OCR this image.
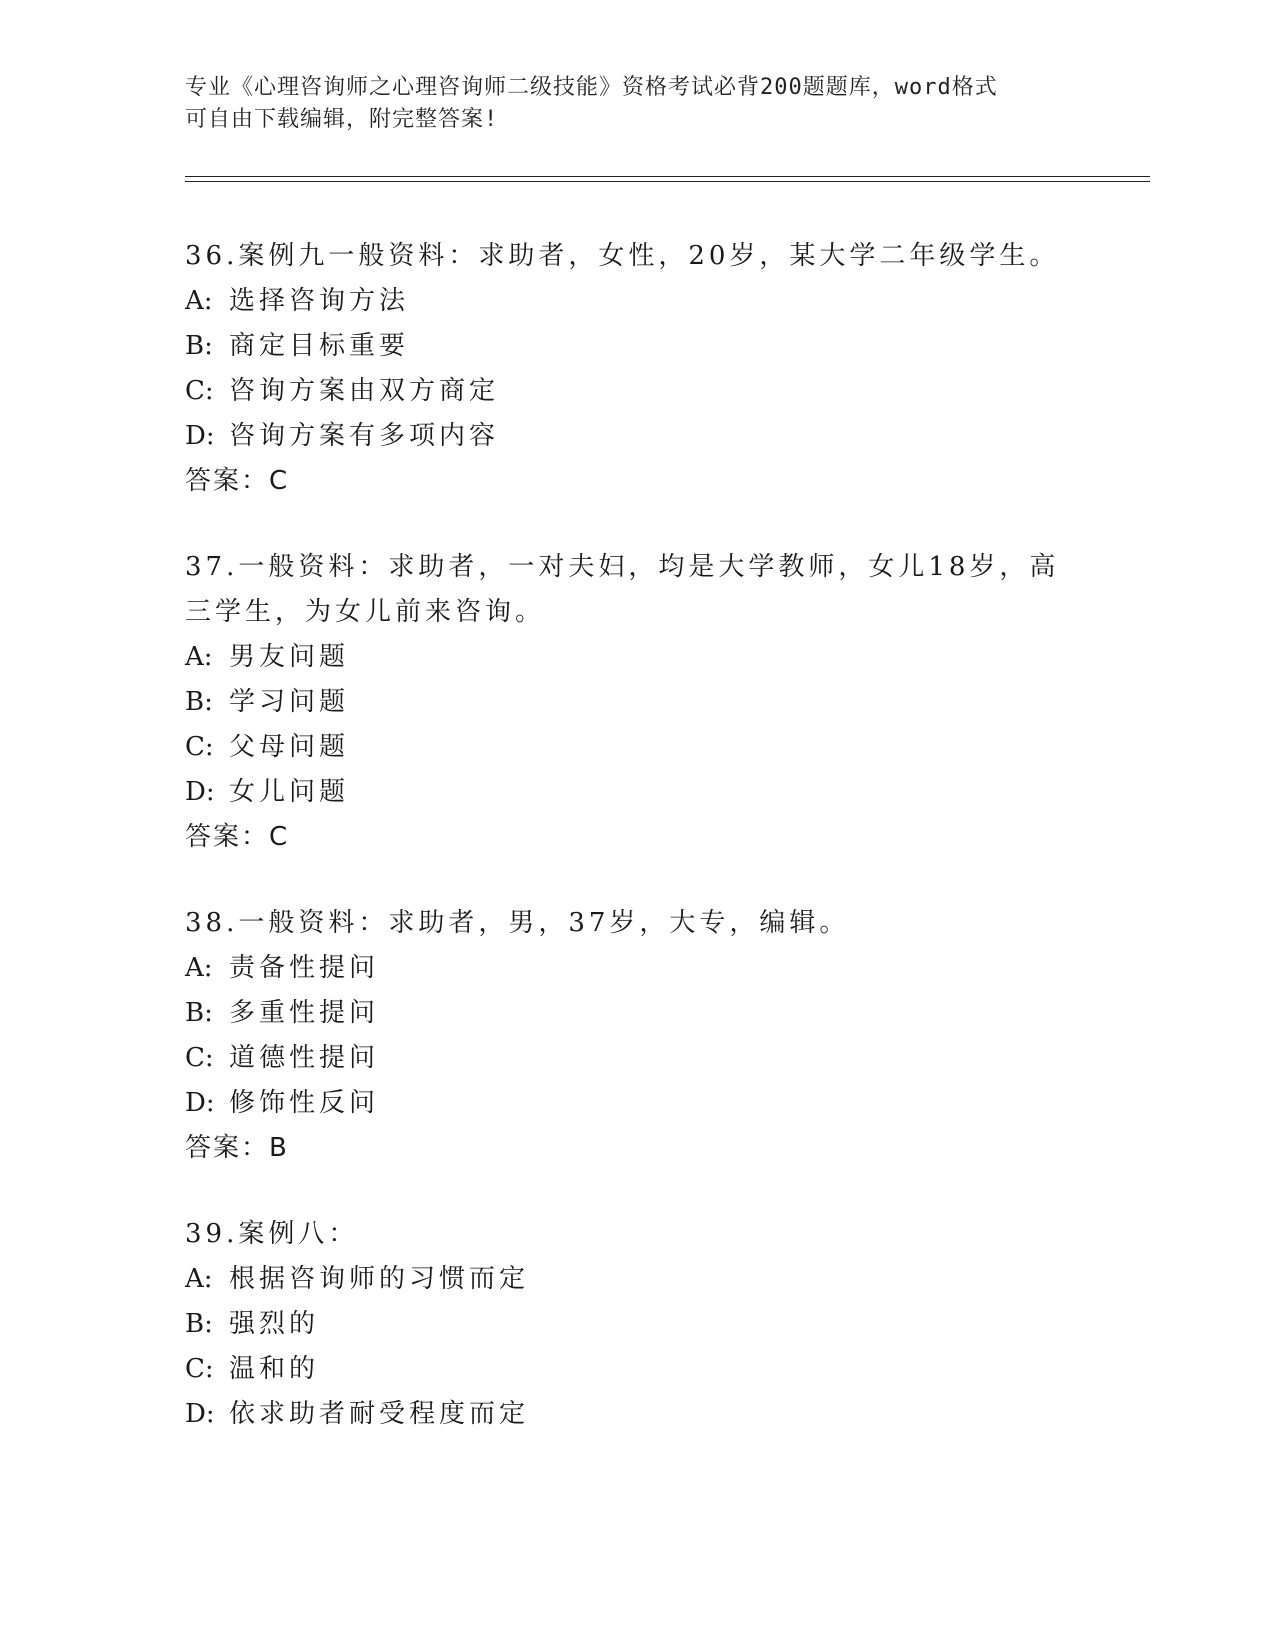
专业《心理咨询师之心理咨询师二级技能》资格考试必背200题题库，word格式
可自由下载编辑，附完整答案!

36.案例九一般资料：求助者，女性，20岁，某大学二年级学生。

A: 选择咨询方法

B: 商定目标重要

C: 咨询方案由双方商定

D: 咨询方案有多项内容

答案：C

37.一般资料：求助者，一对夫妇，均是大学教师，女儿18岁，高三学生，为女儿前来咨询。

A: 男友问题

B: 学习问题

C: 父母问题

D: 女儿问题

答案：C

38.一般资料：求助者，男，37岁，大专，编辑。

A: 责备性提问

B: 多重性提问

C: 道德性提问

D: 修饰性反问

答案：B

39.案例八：

A: 根据咨询师的习惯而定

B: 强烈的

C: 温和的

D: 依求助者耐受程度而定
